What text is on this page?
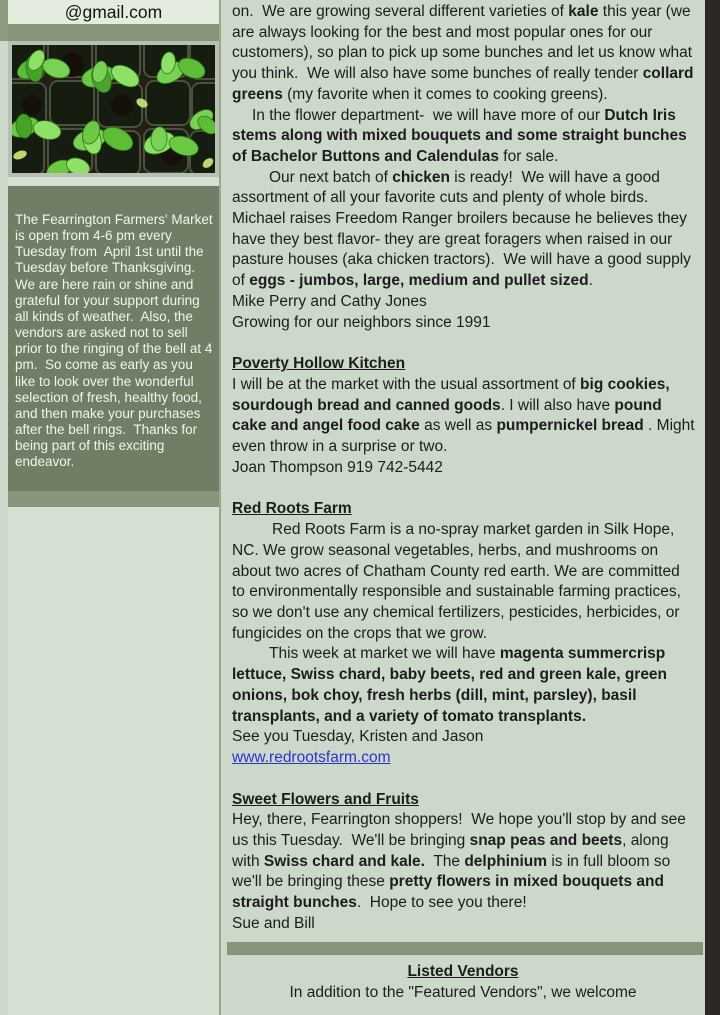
@gmail.com
The Fearrington Farmers' Market is open from 4-6 pm every Tuesday from  April 1st until the Tuesday before Thanksgiving.  We are here rain or shine and grateful for your support during all kinds of weather.  Also, the vendors are asked not to sell prior to the ringing of the bell at 4 pm.  So come as early as you like to look over the wonderful selection of fresh, healthy food, and then make your purchases after the bell rings.  Thanks for being part of this exciting endeavor.

on.  We are growing several different varieties of kale this year (we are always looking for the best and most popular ones for our customers), so plan to pick up some bunches and let us know what you think.  We will also have some bunches of really tender collard greens (my favorite when it comes to cooking greens).

In the flower department-  we will have more of our Dutch Iris stems along with mixed bouquets and some straight bunches of Bachelor Buttons and Calendulas for sale.

Our next batch of chicken is ready!  We will have a good assortment of all your favorite cuts and plenty of whole birds. Michael raises Freedom Ranger broilers because he believes they have they best flavor- they are great foragers when raised in our pasture houses (aka chicken tractors).  We will have a good supply of eggs - jumbos, large, medium and pullet sized.

Mike Perry and Cathy Jones

Growing for our neighbors since 1991

Poverty Hollow Kitchen

I will be at the market with the usual assortment of big cookies, sourdough bread and canned goods. I will also have pound cake and angel food cake as well as pumpernickel bread . Might even throw in a surprise or two.

Joan Thompson 919 742-5442

Red Roots Farm

Red Roots Farm is a no-spray market garden in Silk Hope, NC. We grow seasonal vegetables, herbs, and mushrooms on about two acres of Chatham County red earth. We are committed to environmentally responsible and sustainable farming practices, so we don't use any chemical fertilizers, pesticides, herbicides, or fungicides on the crops that we grow.

This week at market we will have magenta summercrisp lettuce, Swiss chard, baby beets, red and green kale, green onions, bok choy, fresh herbs (dill, mint, parsley), basil transplants, and a variety of tomato transplants.

See you Tuesday, Kristen and Jason

www.redrootsfarm.com

Sweet Flowers and Fruits

Hey, there, Fearrington shoppers!  We hope you'll stop by and see us this Tuesday.  We'll be bringing snap peas and beets, along with Swiss chard and kale.  The delphinium is in full bloom so we'll be bringing these pretty flowers in mixed bouquets and straight bunches.  Hope to see you there!

Sue and Bill

Listed Vendors
In addition to the "Featured Vendors", we welcome
